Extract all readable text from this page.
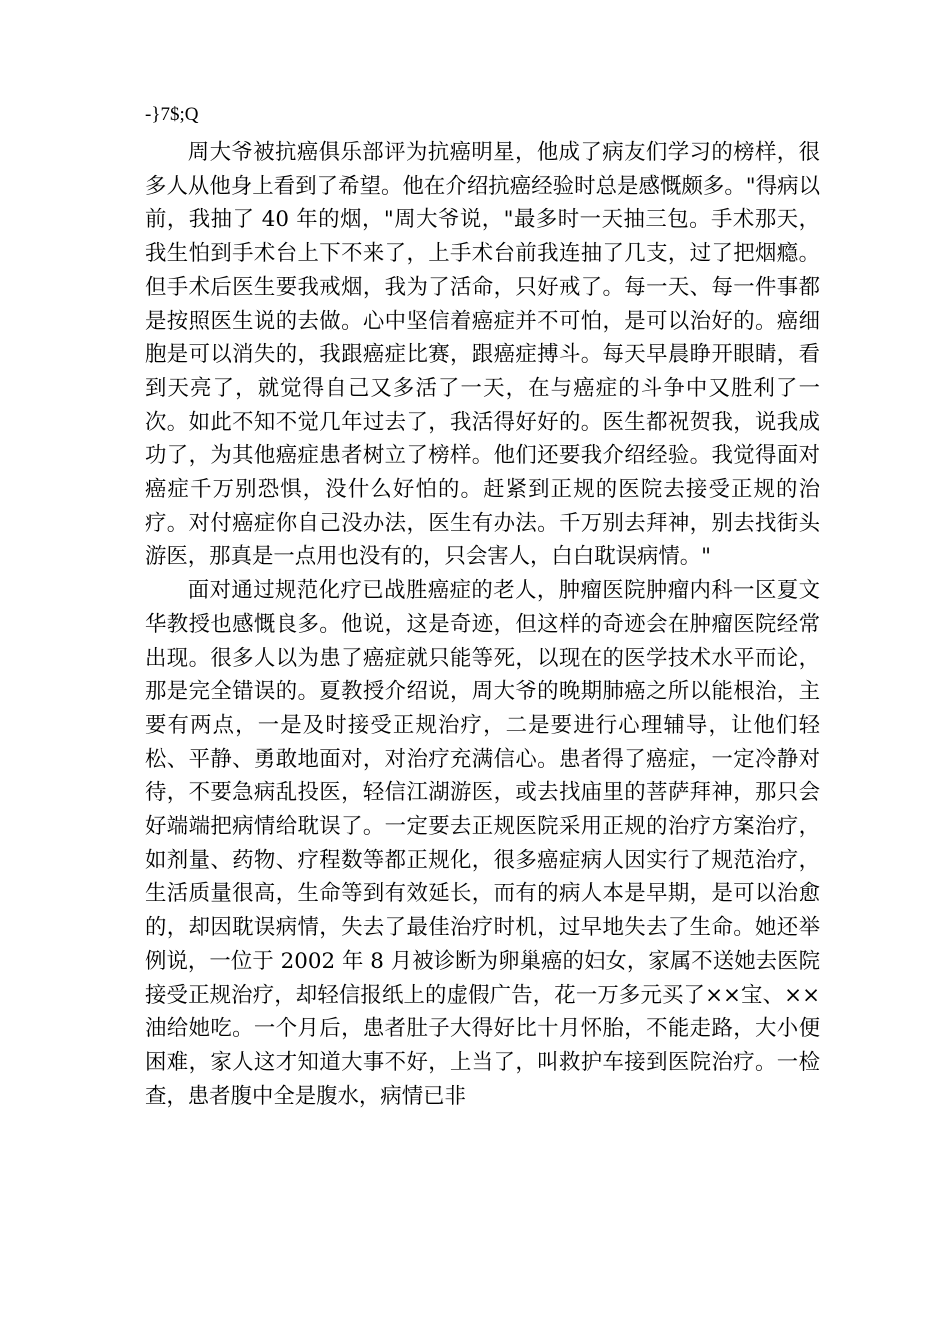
-}7$;Q

周大爷被抗癌俱乐部评为抗癌明星，他成了病友们学习的榜样，很多人从他身上看到了希望。他在介绍抗癌经验时总是感慨颇多。"得病以前，我抽了 40 年的烟，"周大爷说，"最多时一天抽三包。手术那天，我生怕到手术台上下不来了，上手术台前我连抽了几支，过了把烟瘾。但手术后医生要我戒烟，我为了活命，只好戒了。每一天、每一件事都是按照医生说的去做。心中坚信着癌症并不可怕，是可以治好的。癌细胞是可以消失的，我跟癌症比赛，跟癌症搏斗。每天早晨睁开眼睛，看到天亮了，就觉得自己又多活了一天，在与癌症的斗争中又胜利了一次。如此不知不觉几年过去了，我活得好好的。医生都祝贺我，说我成功了，为其他癌症患者树立了榜样。他们还要我介绍经验。我觉得面对癌症千万别恐惧，没什么好怕的。赶紧到正规的医院去接受正规的治疗。对付癌症你自己没办法，医生有办法。千万别去拜神，别去找街头游医，那真是一点用也没有的，只会害人，白白耽误病情。"

面对通过规范化疗已战胜癌症的老人，肿瘤医院肿瘤内科一区夏文华教授也感慨良多。他说，这是奇迹，但这样的奇迹会在肿瘤医院经常出现。很多人以为患了癌症就只能等死，以现在的医学技术水平而论，那是完全错误的。夏教授介绍说，周大爷的晚期肺癌之所以能根治，主要有两点，一是及时接受正规治疗，二是要进行心理辅导，让他们轻松、平静、勇敢地面对，对治疗充满信心。患者得了癌症，一定冷静对待，不要急病乱投医，轻信江湖游医，或去找庙里的菩萨拜神，那只会好端端把病情给耽误了。一定要去正规医院采用正规的治疗方案治疗，如剂量、药物、疗程数等都正规化，很多癌症病人因实行了规范治疗，生活质量很高，生命等到有效延长，而有的病人本是早期，是可以治愈的，却因耽误病情，失去了最佳治疗时机，过早地失去了生命。她还举例说，一位于 2002 年 8 月被诊断为卵巢癌的妇女，家属不送她去医院接受正规治疗，却轻信报纸上的虚假广告，花一万多元买了××宝、××油给她吃。一个月后，患者肚子大得好比十月怀胎，不能走路，大小便困难，家人这才知道大事不好，上当了，叫救护车接到医院治疗。一检查，患者腹中全是腹水，病情已非
